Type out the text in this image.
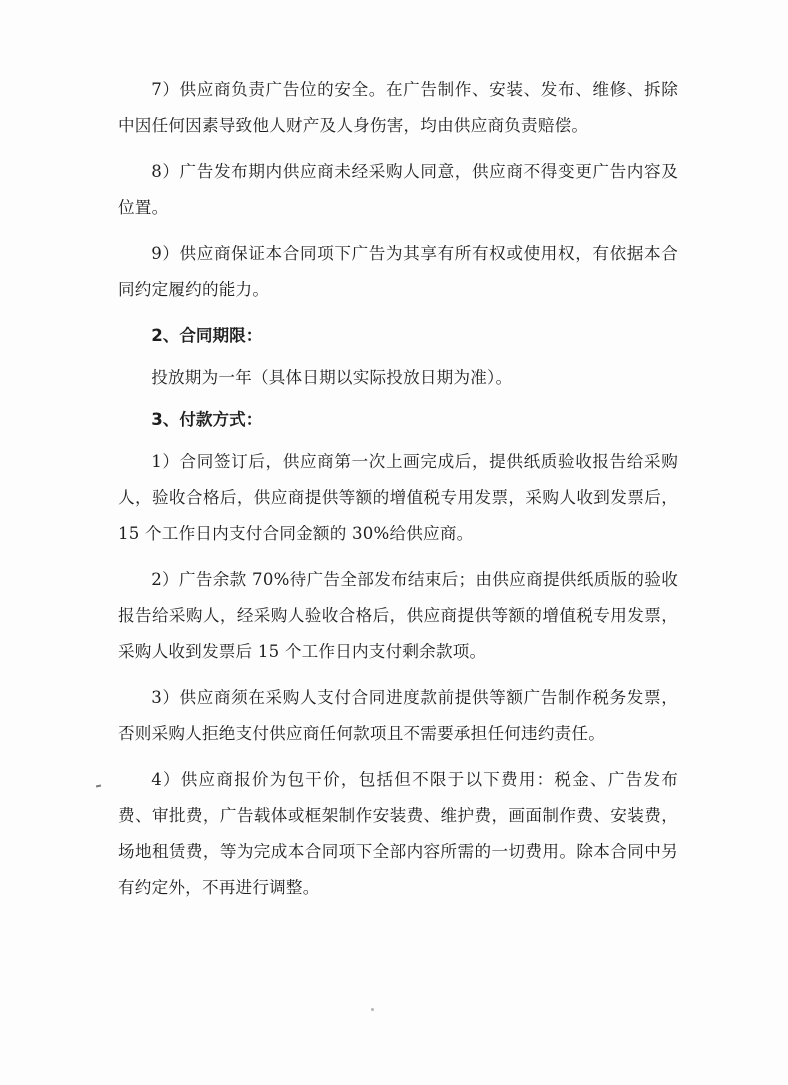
7）供应商负责广告位的安全。在广告制作、安装、发布、维修、拆除中因任何因素导致他人财产及人身伤害，均由供应商负责赔偿。

8）广告发布期内供应商未经采购人同意，供应商不得变更广告内容及位置。

9）供应商保证本合同项下广告为其享有所有权或使用权，有依据本合同约定履约的能力。

2、合同期限：

投放期为一年（具体日期以实际投放日期为准）。

3、付款方式：

1）合同签订后，供应商第一次上画完成后，提供纸质验收报告给采购人，验收合格后，供应商提供等额的增值税专用发票，采购人收到发票后，15 个工作日内支付合同金额的 30%给供应商。

2）广告余款 70%待广告全部发布结束后；由供应商提供纸质版的验收报告给采购人，经采购人验收合格后，供应商提供等额的增值税专用发票，采购人收到发票后 15 个工作日内支付剩余款项。

3）供应商须在采购人支付合同进度款前提供等额广告制作税务发票，否则采购人拒绝支付供应商任何款项且不需要承担任何违约责任。

4）供应商报价为包干价，包括但不限于以下费用：税金、广告发布费、审批费，广告载体或框架制作安装费、维护费，画面制作费、安装费，场地租赁费，等为完成本合同项下全部内容所需的一切费用。除本合同中另有约定外，不再进行调整。
